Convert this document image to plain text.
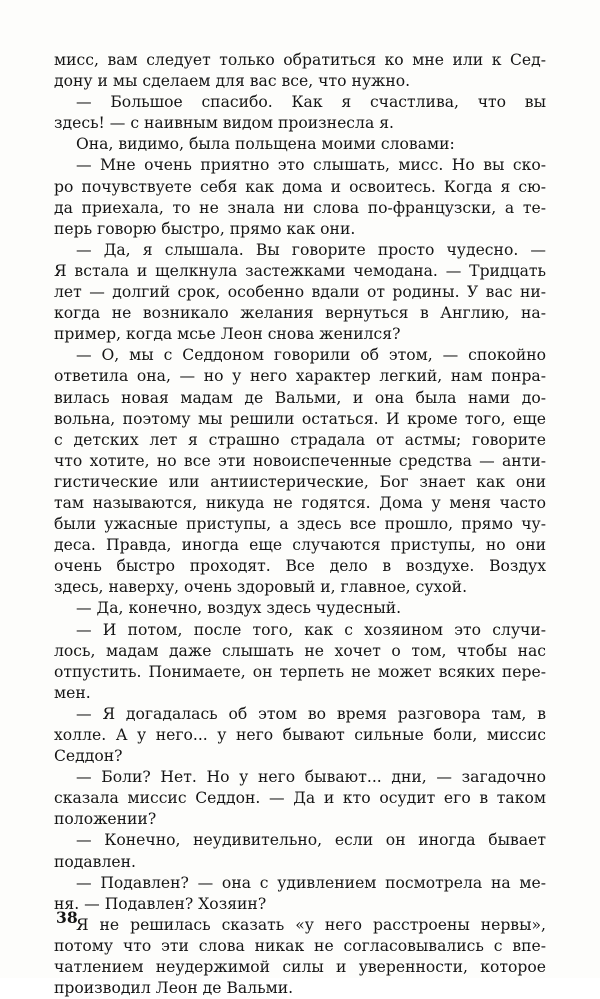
мисс, вам следует только обратиться ко мне или к Сед-
дону и мы сделаем для вас все, что нужно.
— Большое спасибо. Как я счастлива, что вы
здесь! — с наивным видом произнесла я.
Она, видимо, была польщена моими словами:
— Мне очень приятно это слышать, мисс. Но вы ско-
ро почувствуете себя как дома и освоитесь. Когда я сю-
да приехала, то не знала ни слова по-французски, а те-
перь говорю быстро, прямо как они.
— Да, я слышала. Вы говорите просто чудесно. —
Я встала и щелкнула застежками чемодана. — Тридцать
лет — долгий срок, особенно вдали от родины. У вас ни-
когда не возникало желания вернуться в Англию, на-
пример, когда мсье Леон снова женился?
— О, мы с Седдоном говорили об этом, — спокойно
ответила она, — но у него характер легкий, нам понра-
вилась новая мадам де Вальми, и она была нами до-
вольна, поэтому мы решили остаться. И кроме того, еще
с детских лет я страшно страдала от астмы; говорите
что хотите, но все эти новоиспеченные средства — анти-
гистические или антиистерические, Бог знает как они
там называются, никуда не годятся. Дома у меня часто
были ужасные приступы, а здесь все прошло, прямо чу-
деса. Правда, иногда еще случаются приступы, но они
очень быстро проходят. Все дело в воздухе. Воздух
здесь, наверху, очень здоровый и, главное, сухой.
— Да, конечно, воздух здесь чудесный.
— И потом, после того, как с хозяином это случи-
лось, мадам даже слышать не хочет о том, чтобы нас
отпустить. Понимаете, он терпеть не может всяких пере-
мен.
— Я догадалась об этом во время разговора там, в
холле. А у него... у него бывают сильные боли, миссис
Седдон?
— Боли? Нет. Но у него бывают... дни, — загадочно
сказала миссис Седдон. — Да и кто осудит его в таком
положении?
— Конечно, неудивительно, если он иногда бывает
подавлен.
— Подавлен? — она с удивлением посмотрела на ме-
ня. — Подавлен? Хозяин?
Я не решилась сказать «у него расстроены нервы»,
потому что эти слова никак не согласовывались с впе-
чатлением неудержимой силы и уверенности, которое
производил Леон де Вальми.
38
